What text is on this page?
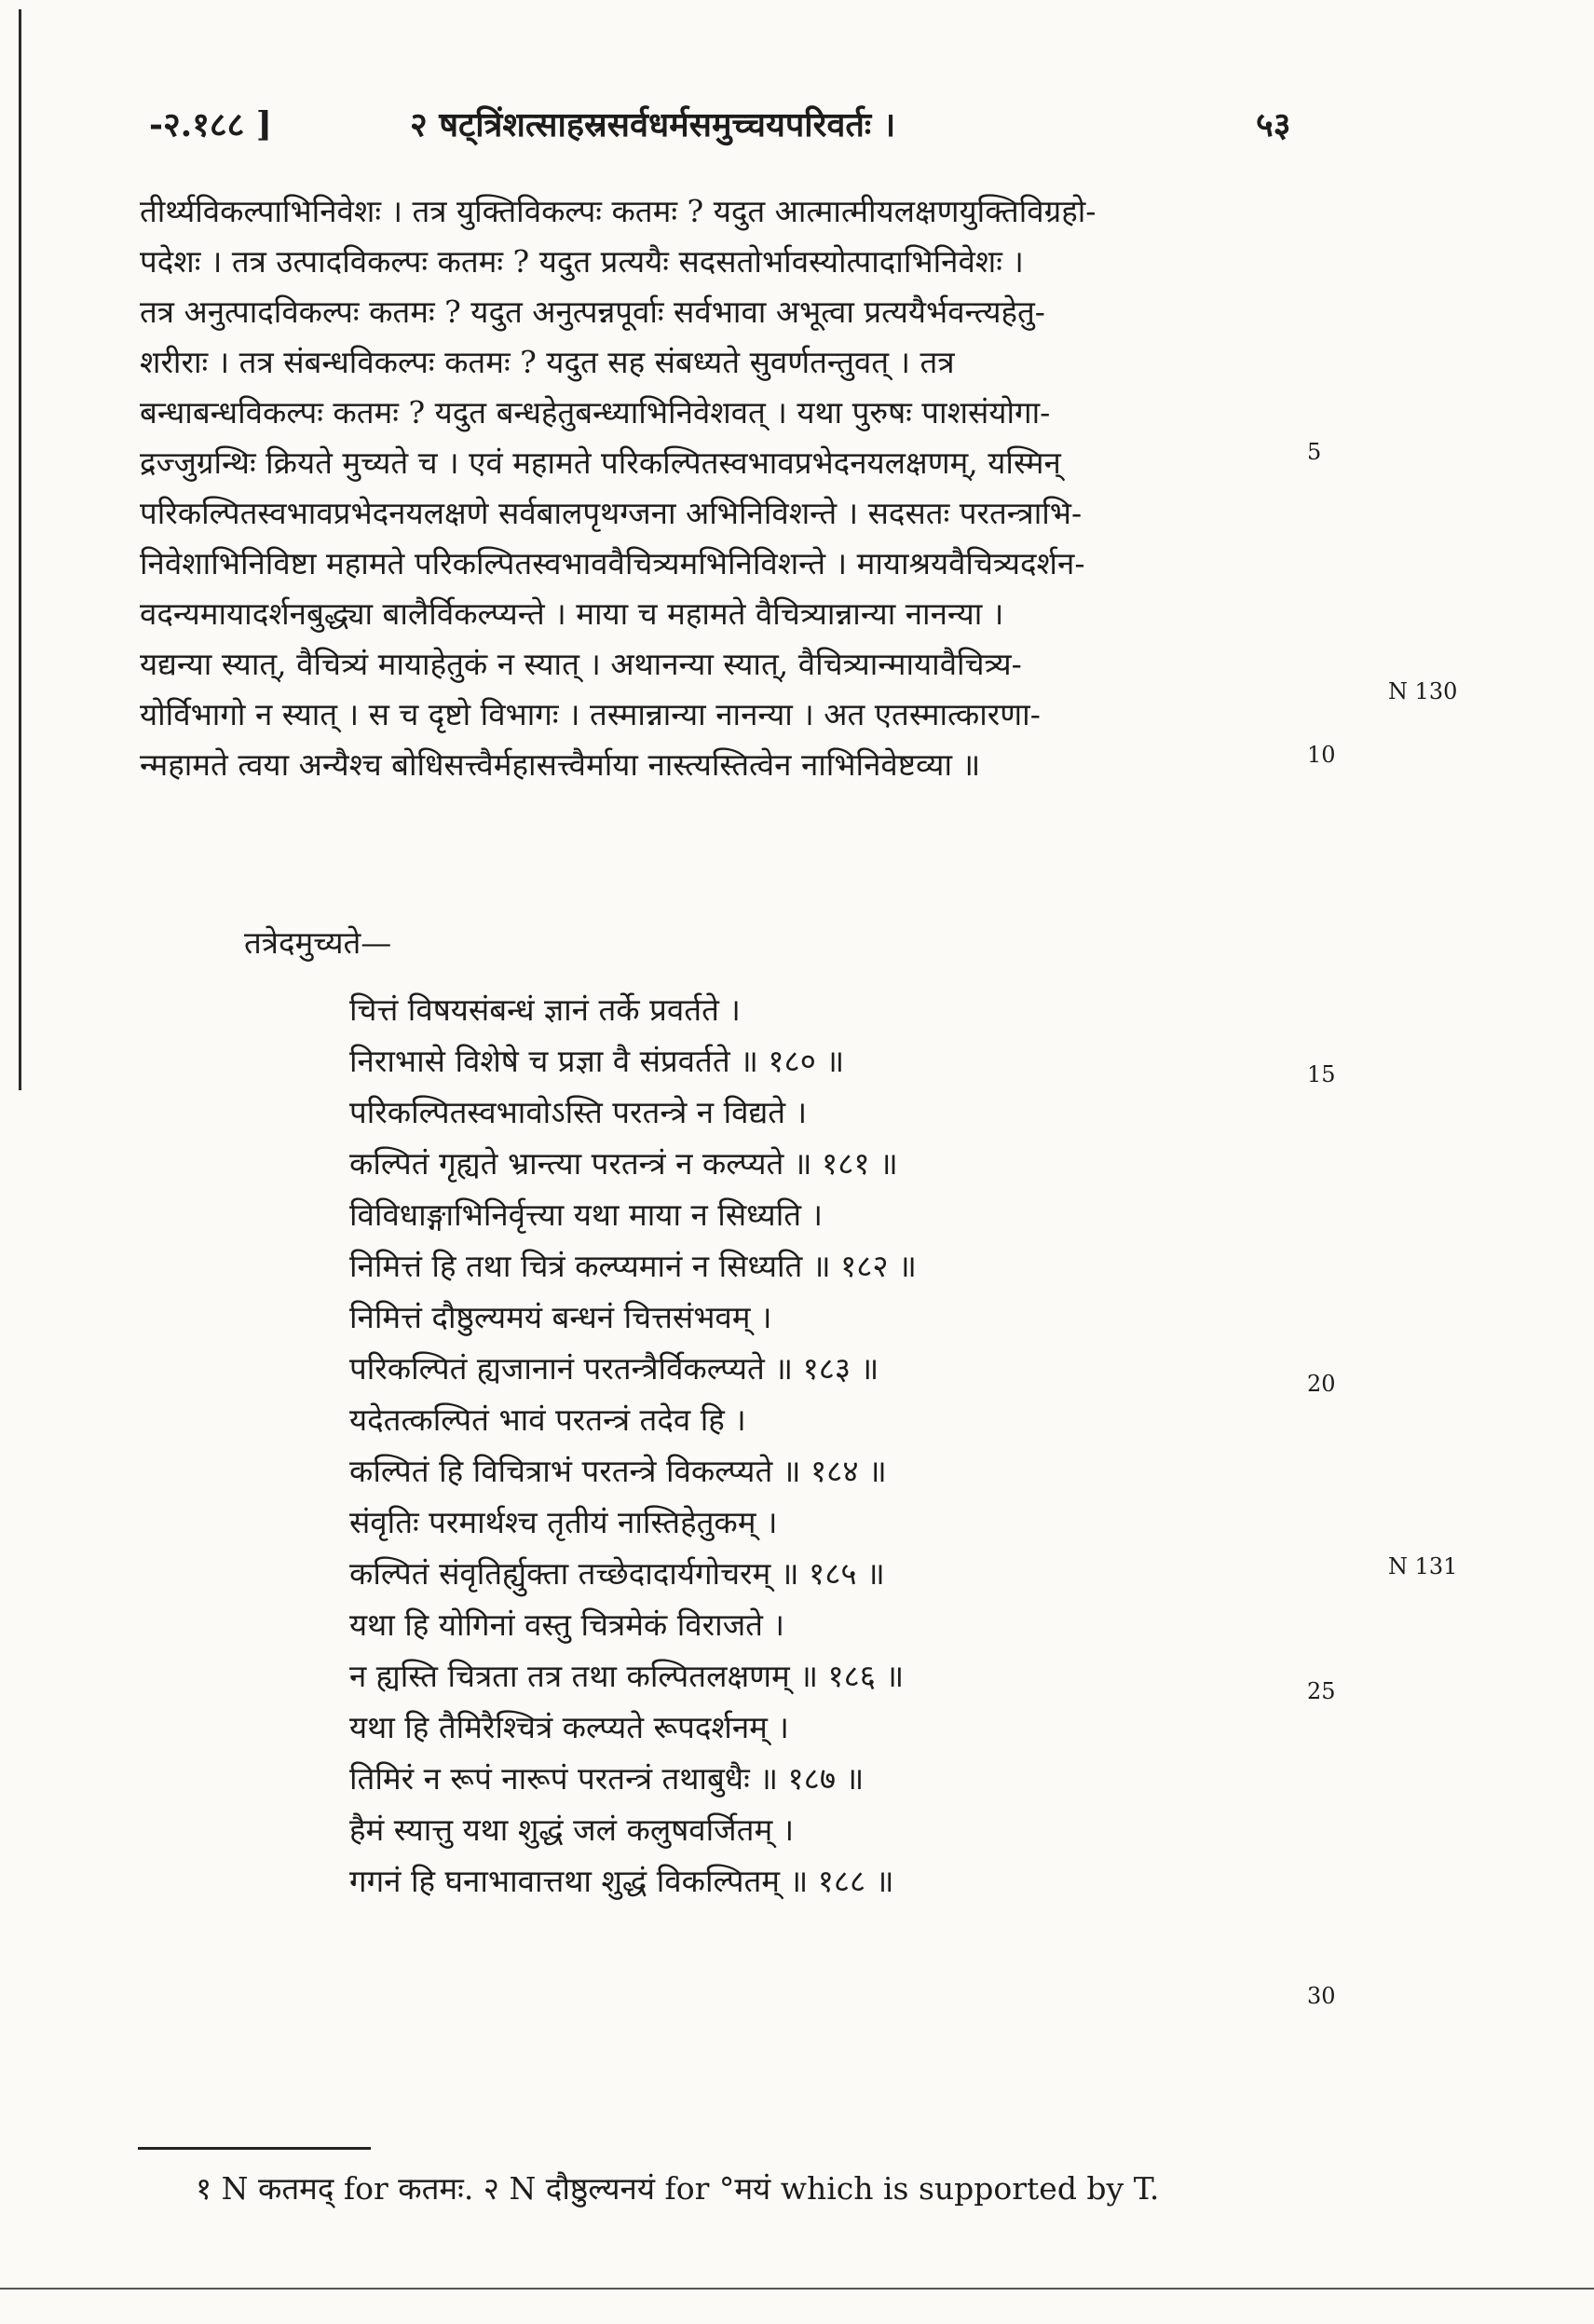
-२.१८८ ]	२ षट्त्रिंशत्साहस्रसर्वधर्मसमुच्चयपरिवर्तः ।	५३
तीर्थ्यविकल्पाभिनिवेशः । तत्र युक्तिविकल्पः कतमः ? यदुत आत्मात्मीयलक्षणयुक्तिविग्रहो-
पदेशः । तत्र उत्पादविकल्पः कतमः ? यदुत प्रत्ययैः सदसतोर्भावस्योत्पादाभिनिवेशः ।
तत्र अनुत्पादविकल्पः कतमः ? यदुत अनुत्पन्नपूर्वाः सर्वभावा अभूत्वा प्रत्ययैर्भवन्त्यहेतु-
शरीराः । तत्र संबन्धविकल्पः कतमः ? यदुत सह संबध्यते सुवर्णतन्तुवत् । तत्र
बन्धाबन्धविकल्पः कतमः ? यदुत बन्धहेतुबन्ध्याभिनिवेशवत् । यथा पुरुषः पाशसंयोगा-
द्रज्जुग्रन्थिः क्रियते मुच्यते च । एवं महामते परिकल्पितस्वभावप्रभेदनयलक्षणम्, यस्मिन्
परिकल्पितस्वभावप्रभेदनयलक्षणे सर्वबालपृथग्जना अभिनिविशन्ते । सदसतः परतन्त्राभि-
निवेशाभिनिविष्टा महामते परिकल्पितस्वभाववैचित्र्यमभिनिविशन्ते । मायाश्रयवैचित्र्यदर्शन-
वदन्यमायादर्शनबुद्ध्या बालैर्विकल्प्यन्ते । माया च महामते वैचित्र्यान्नान्या नानन्या ।
यद्यन्या स्यात्, वैचित्र्यं मायाहेतुकं न स्यात् । अथानन्या स्यात्, वैचित्र्यान्मायावैचित्र्य-
योर्विभागो न स्यात् । स च दृष्टो विभागः । तस्मान्नान्या नानन्या । अत एतस्मात्कारणा-
न्महामते त्वया अन्यैश्च बोधिसत्त्वैर्महासत्त्वैर्माया नास्त्यस्तित्वेन नाभिनिवेष्टव्या ॥
तत्रेदमुच्यते—
चित्तं विषयसंबन्धं ज्ञानं तर्के प्रवर्तते ।
निराभासे विशेषे च प्रज्ञा वै संप्रवर्तते ॥ १८० ॥
परिकल्पितस्वभावोऽस्ति परतन्त्रे न विद्यते ।
कल्पितं गृह्यते भ्रान्त्या परतन्त्रं न कल्प्यते ॥ १८१ ॥
विविधाङ्गाभिनिर्वृत्त्या यथा माया न सिध्यति ।
निमित्तं हि तथा चित्रं कल्प्यमानं न सिध्यति ॥ १८२ ॥
निमित्तं दौष्ठुल्यमयं बन्धनं चित्तसंभवम् ।
परिकल्पितं ह्यजानानं परतन्त्रैर्विकल्प्यते ॥ १८३ ॥
यदेतत्कल्पितं भावं परतन्त्रं तदेव हि ।
कल्पितं हि विचित्राभं परतन्त्रे विकल्प्यते ॥ १८४ ॥
संवृतिः परमार्थश्च तृतीयं नास्तिहेतुकम् ।
कल्पितं संवृतिर्ह्युक्ता तच्छेदादार्यगोचरम् ॥ १८५ ॥
यथा हि योगिनां वस्तु चित्रमेकं विराजते ।
न ह्यस्ति चित्रता तत्र तथा कल्पितलक्षणम् ॥ १८६ ॥
यथा हि तैमिरैश्चित्रं कल्प्यते रूपदर्शनम् ।
तिमिरं न रूपं नारूपं परतन्त्रं तथाबुधैः ॥ १८७ ॥
हैमं स्यात्तु यथा शुद्धं जलं कलुषवर्जितम् ।
गगनं हि घनाभावात्तथा शुद्धं विकल्पितम् ॥ १८८ ॥
5
10
15
20
25
30
N 130
N 131
१ N कतमद् for कतमः. २ N दौष्ठुल्यनयं for °मयं which is supported by T.
